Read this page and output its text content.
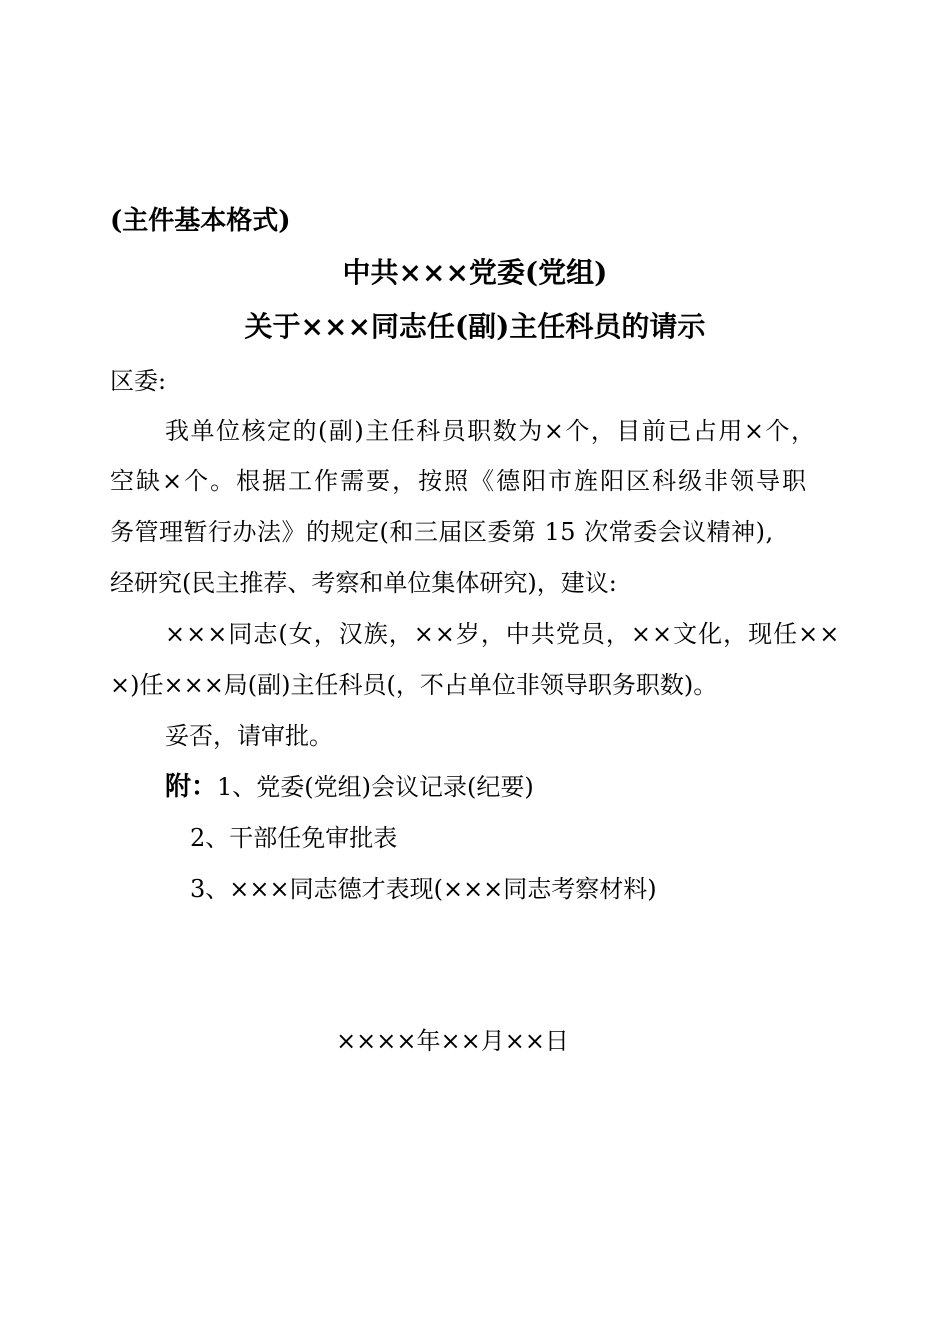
(主件基本格式)
中共×××党委(党组)
关于×××同志任(副)主任科员的请示
区委:
我单位核定的(副)主任科员职数为×个，目前已占用×个，
空缺×个。根据工作需要，按照《德阳市旌阳区科级非领导职
务管理暂行办法》的规定(和三届区委第 15 次常委会议精神),
经研究(民主推荐、考察和单位集体研究)，建议:
×××同志(女，汉族，××岁，中共党员，××文化，现任××
×)任×××局(副)主任科员(，不占单位非领导职务职数)。
妥否，请审批。
附：1、党委(党组)会议记录(纪要)
2、干部任免审批表
3、×××同志德才表现(×××同志考察材料)
××××年××月××日
